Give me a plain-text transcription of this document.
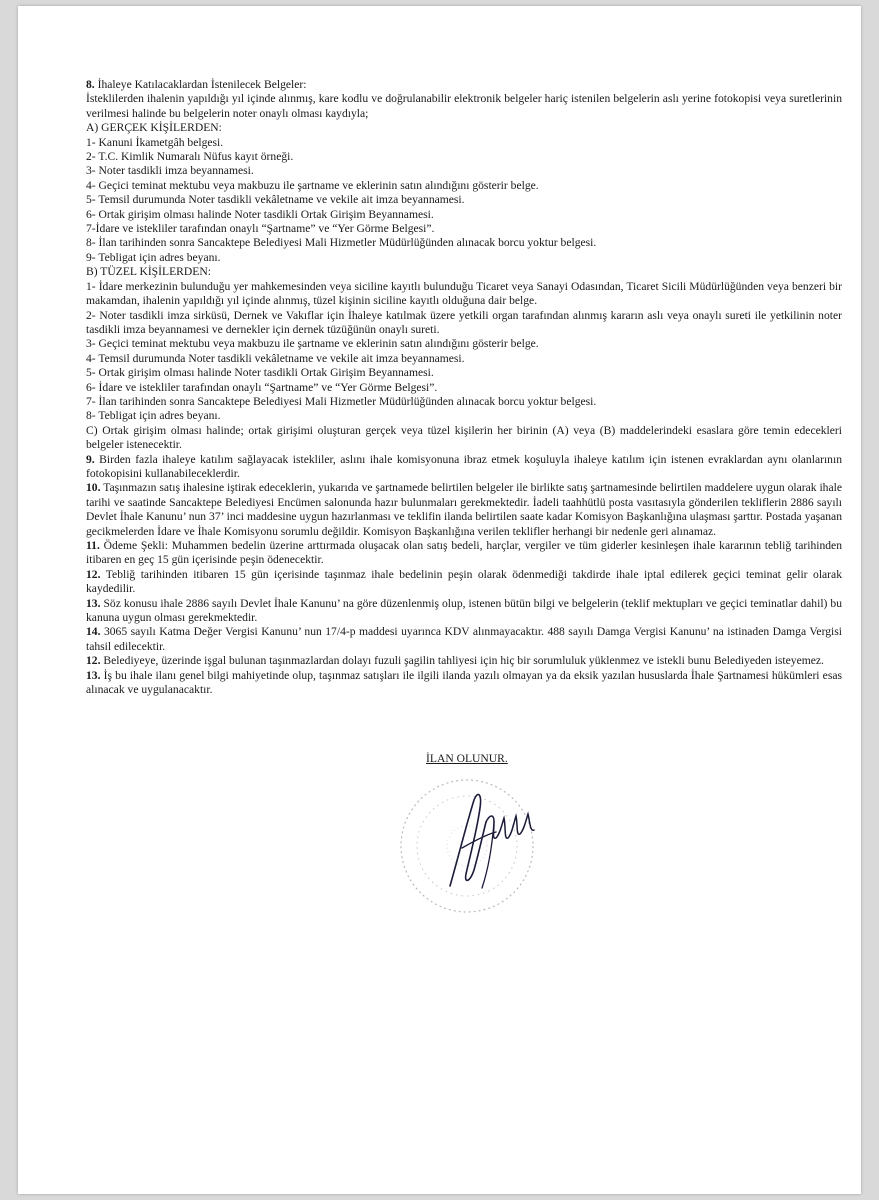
8. İhaleye Katılacaklardan İstenilecek Belgeler:

İsteklilerden ihalenin yapıldığı yıl içinde alınmış, kare kodlu ve doğrulanabilir elektronik belgeler hariç istenilen belgelerin aslı yerine fotokopisi veya suretlerinin verilmesi halinde bu belgelerin noter onaylı olması kaydıyla;

A) GERÇEK KİŞİLERDEN:

1- Kanuni İkametgâh belgesi.

2- T.C. Kimlik Numaralı Nüfus kayıt örneği.

3- Noter tasdikli imza beyannamesi.

4- Geçici teminat mektubu veya makbuzu ile şartname ve eklerinin satın alındığını gösterir belge.

5- Temsil durumunda Noter tasdikli vekâletname ve vekile ait imza beyannamesi.

6- Ortak girişim olması halinde Noter tasdikli Ortak Girişim Beyannamesi.

7-İdare ve istekliler tarafından onaylı “Şartname” ve “Yer Görme Belgesi”.

8- İlan tarihinden sonra Sancaktepe Belediyesi Mali Hizmetler Müdürlüğünden alınacak borcu yoktur belgesi.

9- Tebligat için adres beyanı.

B) TÜZEL KİŞİLERDEN:

1- İdare merkezinin bulunduğu yer mahkemesinden veya siciline kayıtlı bulunduğu Ticaret veya Sanayi Odasından, Ticaret Sicili Müdürlüğünden veya benzeri bir makamdan, ihalenin yapıldığı yıl içinde alınmış, tüzel kişinin siciline kayıtlı olduğuna dair belge.

2- Noter tasdikli imza sirküsü, Dernek ve Vakıflar için İhaleye katılmak üzere yetkili organ tarafından alınmış kararın aslı veya onaylı sureti ile yetkilinin noter tasdikli imza beyannamesi ve dernekler için dernek tüzüğünün onaylı sureti.

3- Geçici teminat mektubu veya makbuzu ile şartname ve eklerinin satın alındığını gösterir belge.

4- Temsil durumunda Noter tasdikli vekâletname ve vekile ait imza beyannamesi.

5- Ortak girişim olması halinde Noter tasdikli Ortak Girişim Beyannamesi.

6- İdare ve istekliler tarafından onaylı “Şartname” ve “Yer Görme Belgesi”.

7- İlan tarihinden sonra Sancaktepe Belediyesi Mali Hizmetler Müdürlüğünden alınacak borcu yoktur belgesi.

8- Tebligat için adres beyanı.

C) Ortak girişim olması halinde; ortak girişimi oluşturan gerçek veya tüzel kişilerin her birinin (A) veya (B) maddelerindeki esaslara göre temin edecekleri belgeler istenecektir.

9. Birden fazla ihaleye katılım sağlayacak istekliler, aslını ihale komisyonuna ibraz etmek koşuluyla ihaleye katılım için istenen evraklardan aynı olanlarının fotokopisini kullanabileceklerdir.

10. Taşınmazın satış ihalesine iştirak edeceklerin, yukarıda ve şartnamede belirtilen belgeler ile birlikte satış şartnamesinde belirtilen maddelere uygun olarak ihale tarihi ve saatinde Sancaktepe Belediyesi Encümen salonunda hazır bulunmaları gerekmektedir. İadeli taahhütlü posta vasıtasıyla gönderilen tekliflerin 2886 sayılı Devlet İhale Kanunu’ nun 37’ inci maddesine uygun hazırlanması ve teklifin ilanda belirtilen saate kadar Komisyon Başkanlığına ulaşması şarttır. Postada yaşanan gecikmelerden İdare ve İhale Komisyonu sorumlu değildir. Komisyon Başkanlığına verilen teklifler herhangi bir nedenle geri alınamaz.

11. Ödeme Şekli: Muhammen bedelin üzerine arttırmada oluşacak olan satış bedeli, harçlar, vergiler ve tüm giderler kesinleşen ihale kararının tebliğ tarihinden itibaren en geç 15 gün içerisinde peşin ödenecektir.

12. Tebliğ tarihinden itibaren 15 gün içerisinde taşınmaz ihale bedelinin peşin olarak ödenmediği takdirde ihale iptal edilerek geçici teminat gelir olarak kaydedilir.

13. Söz konusu ihale 2886 sayılı Devlet İhale Kanunu’ na göre düzenlenmiş olup, istenen bütün bilgi ve belgelerin (teklif mektupları ve geçici teminatlar dahil) bu kanuna uygun olması gerekmektedir.

14. 3065 sayılı Katma Değer Vergisi Kanunu’ nun 17/4-p maddesi uyarınca KDV alınmayacaktır. 488 sayılı Damga Vergisi Kanunu’ na istinaden Damga Vergisi tahsil edilecektir.

12. Belediyeye, üzerinde işgal bulunan taşınmazlardan dolayı fuzuli şagilin tahliyesi için hiç bir sorumluluk yüklenmez ve istekli bunu Belediyeden isteyemez.

13. İş bu ihale ilanı genel bilgi mahiyetinde olup, taşınmaz satışları ile ilgili ilanda yazılı olmayan ya da eksik yazılan hususlarda İhale Şartnamesi hükümleri esas alınacak ve uygulanacaktır.

İLAN OLUNUR.
